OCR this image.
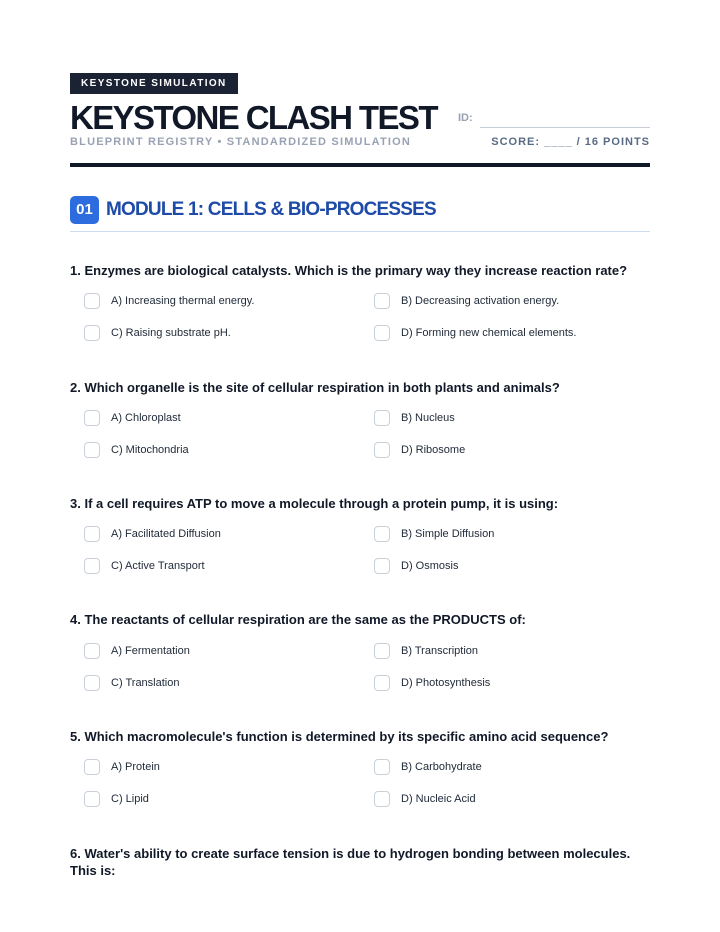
KEYSTONE SIMULATION
KEYSTONE CLASH TEST
BLUEPRINT REGISTRY • STANDARDIZED SIMULATION
ID:
SCORE: ____ / 16 POINTS
01 MODULE 1: CELLS & BIO-PROCESSES
1. Enzymes are biological catalysts. Which is the primary way they increase reaction rate?
A) Increasing thermal energy.	B) Decreasing activation energy.
C) Raising substrate pH.	D) Forming new chemical elements.
2. Which organelle is the site of cellular respiration in both plants and animals?
A) Chloroplast	B) Nucleus
C) Mitochondria	D) Ribosome
3. If a cell requires ATP to move a molecule through a protein pump, it is using:
A) Facilitated Diffusion	B) Simple Diffusion
C) Active Transport	D) Osmosis
4. The reactants of cellular respiration are the same as the PRODUCTS of:
A) Fermentation	B) Transcription
C) Translation	D) Photosynthesis
5. Which macromolecule's function is determined by its specific amino acid sequence?
A) Protein	B) Carbohydrate
C) Lipid	D) Nucleic Acid
6. Water's ability to create surface tension is due to hydrogen bonding between molecules. This is:
